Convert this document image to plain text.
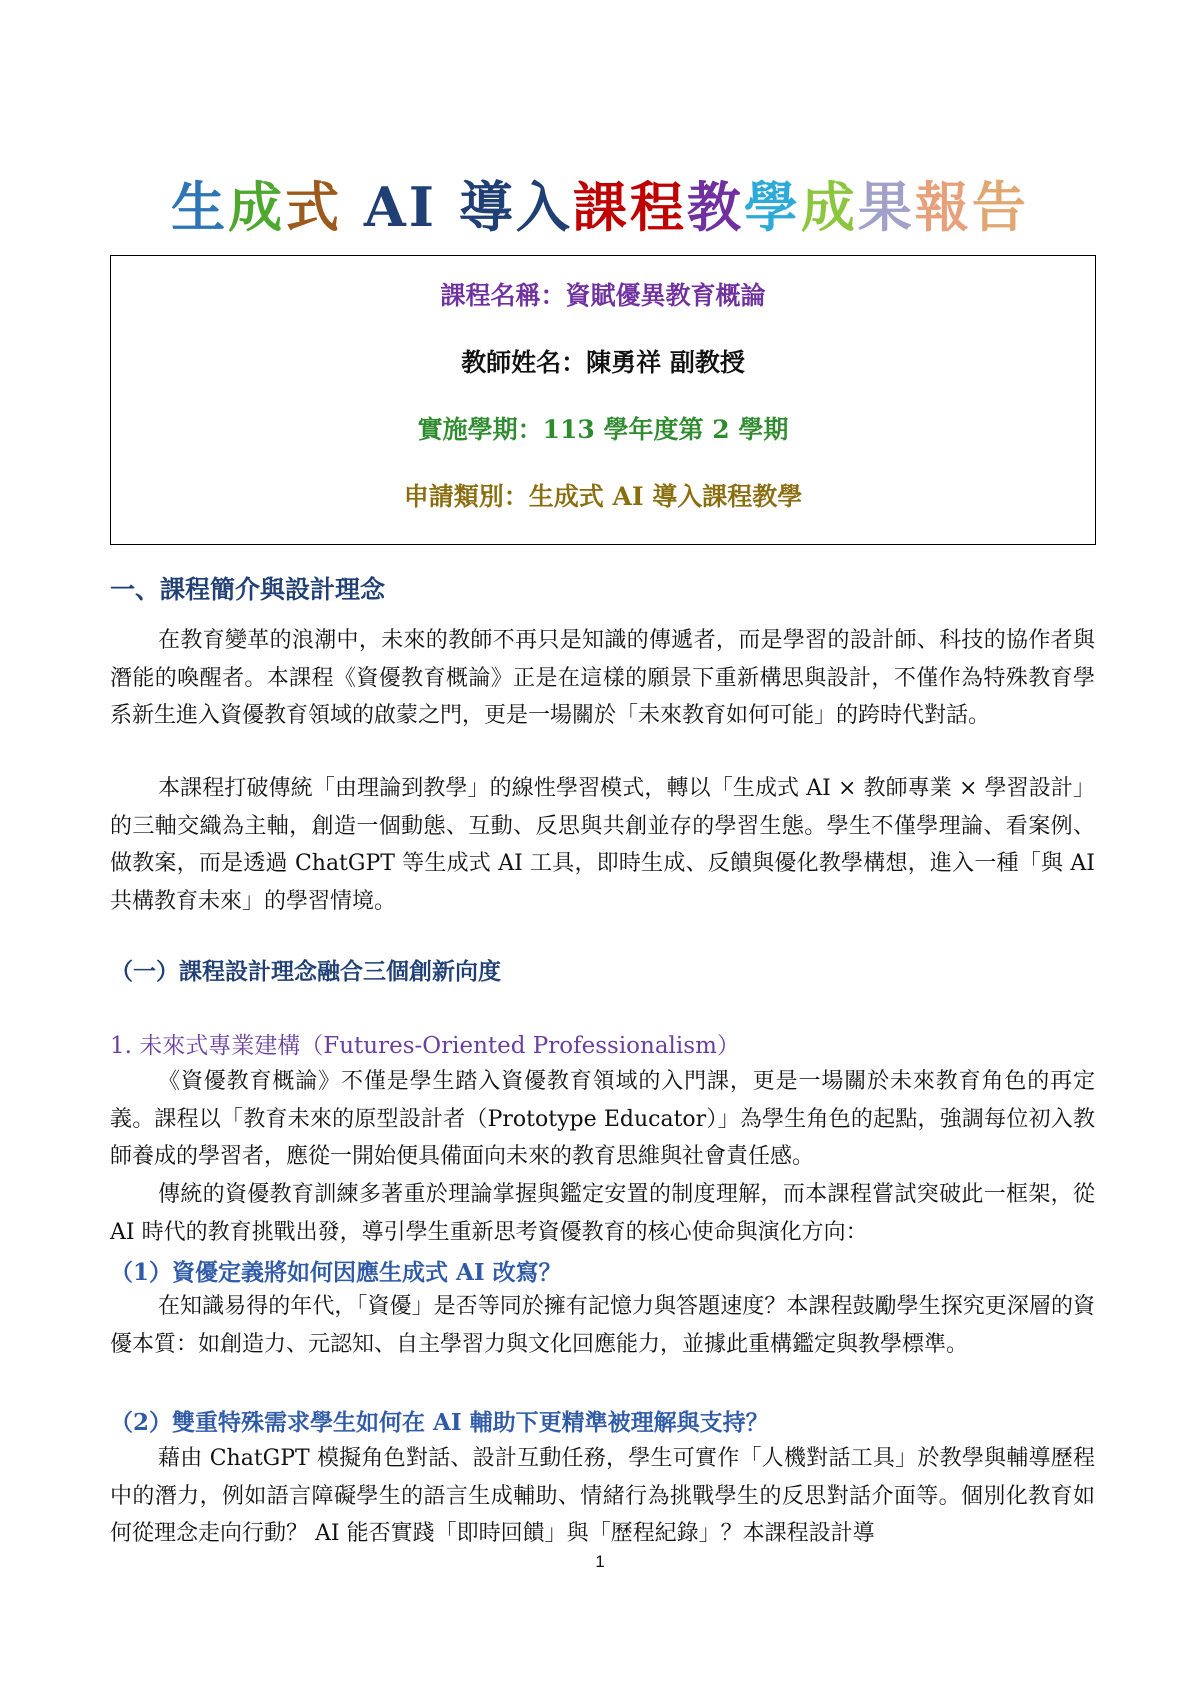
生成式 AI 導入課程教學成果報告
課程名稱：資賦優異教育概論
教師姓名：陳勇祥 副教授
實施學期：113 學年度第 2 學期
申請類別：生成式 AI 導入課程教學
一、課程簡介與設計理念

在教育變革的浪潮中，未來的教師不再只是知識的傳遞者，而是學習的設計師、科技的協作者與潛能的喚醒者。本課程《資優教育概論》正是在這樣的願景下重新構思與設計，不僅作為特殊教育學系新生進入資優教育領域的啟蒙之門，更是一場關於「未來教育如何可能」的跨時代對話。

本課程打破傳統「由理論到教學」的線性學習模式，轉以「生成式 AI × 教師專業 × 學習設計」的三軸交織為主軸，創造一個動態、互動、反思與共創並存的學習生態。學生不僅學理論、看案例、做教案，而是透過 ChatGPT 等生成式 AI 工具，即時生成、反饋與優化教學構想，進入一種「與 AI 共構教育未來」的學習情境。

（一）課程設計理念融合三個創新向度
1. 未來式專業建構（Futures-Oriented Professionalism）

《資優教育概論》不僅是學生踏入資優教育領域的入門課，更是一場關於未來教育角色的再定義。課程以「教育未來的原型設計者（Prototype Educator）」為學生角色的起點，強調每位初入教師養成的學習者，應從一開始便具備面向未來的教育思維與社會責任感。

傳統的資優教育訓練多著重於理論掌握與鑑定安置的制度理解，而本課程嘗試突破此一框架，從 AI 時代的教育挑戰出發，導引學生重新思考資優教育的核心使命與演化方向：

（1）資優定義將如何因應生成式 AI 改寫？

在知識易得的年代，「資優」是否等同於擁有記憶力與答題速度？本課程鼓勵學生探究更深層的資優本質：如創造力、元認知、自主學習力與文化回應能力，並據此重構鑑定與教學標準。

（2）雙重特殊需求學生如何在 AI 輔助下更精準被理解與支持？

藉由 ChatGPT 模擬角色對話、設計互動任務，學生可實作「人機對話工具」於教學與輔導歷程中的潛力，例如語言障礙學生的語言生成輔助、情緒行為挑戰學生的反思對話介面等。個別化教育如何從理念走向行動？ AI 能否實踐「即時回饋」與「歷程紀錄」？本課程設計導

1
